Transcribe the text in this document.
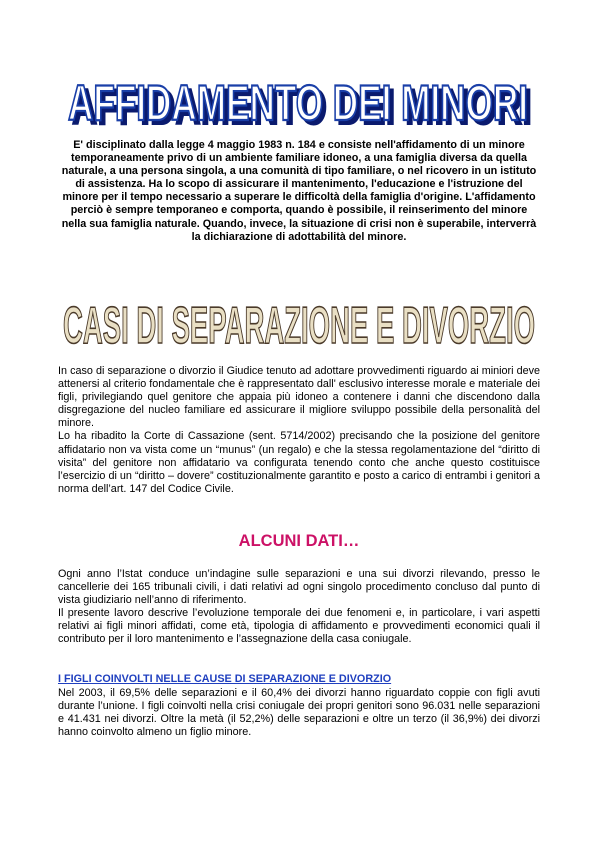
AFFIDAMENTO DEI MINORI
AFFIDAMENTO DEI MINORI
E' disciplinato dalla legge 4 maggio 1983 n. 184 e consiste nell'affidamento di un minore temporaneamente privo di un ambiente familiare idoneo, a una famiglia diversa da quella naturale, a una persona singola, a una comunità di tipo familiare, o nel ricovero in un istituto di assistenza. Ha lo scopo di assicurare il mantenimento, l'educazione e l'istruzione del minore per il tempo necessario a superare le difficoltà della famiglia d'origine. L'affidamento perciò è sempre temporaneo e comporta, quando è possibile, il reinserimento del minore nella sua famiglia naturale. Quando, invece, la situazione di crisi non è superabile, interverrà la dichiarazione di adottabilità del minore.
CASI DI SEPARAZIONE E DIVORZIO

In caso di separazione o divorzio il Giudice tenuto ad adottare provvedimenti riguardo ai miniori deve attenersi al criterio fondamentale che è rappresentato dall' esclusivo interesse morale e materiale dei figli, privilegiando quel genitore che appaia più idoneo a contenere i danni che discendono dalla disgregazione del nucleo familiare ed assicurare il migliore sviluppo possibile della personalità del minore.

Lo ha ribadito la Corte di Cassazione (sent. 5714/2002) precisando che la posizione del genitore affidatario non va vista come un “munus” (un regalo) e che la stessa regolamentazione del “diritto di visita” del genitore non affidatario va configurata tenendo conto che anche questo costituisce l’esercizio di un “diritto – dovere” costituzionalmente garantito e posto a carico di entrambi i genitori a norma dell’art. 147 del Codice Civile.

ALCUNI DATI…

Ogni anno l’Istat conduce un’indagine sulle separazioni e una sui divorzi rilevando, presso le cancellerie dei 165 tribunali civili, i dati relativi ad ogni singolo procedimento concluso dal punto di vista giudiziario nell’anno di riferimento.

Il presente lavoro descrive l’evoluzione temporale dei due fenomeni e, in particolare, i vari aspetti relativi ai figli minori affidati, come età, tipologia di affidamento e provvedimenti economici quali il contributo per il loro mantenimento e l’assegnazione della casa coniugale.

I FIGLI COINVOLTI NELLE CAUSE DI SEPARAZIONE E DIVORZIO

Nel 2003, il 69,5% delle separazioni e il 60,4% dei divorzi hanno riguardato coppie con figli avuti durante l’unione. I figli coinvolti nella crisi coniugale dei propri genitori sono 96.031 nelle separazioni e 41.431 nei divorzi. Oltre la metà (il 52,2%) delle separazioni e oltre un terzo (il 36,9%) dei divorzi hanno coinvolto almeno un figlio minore.
